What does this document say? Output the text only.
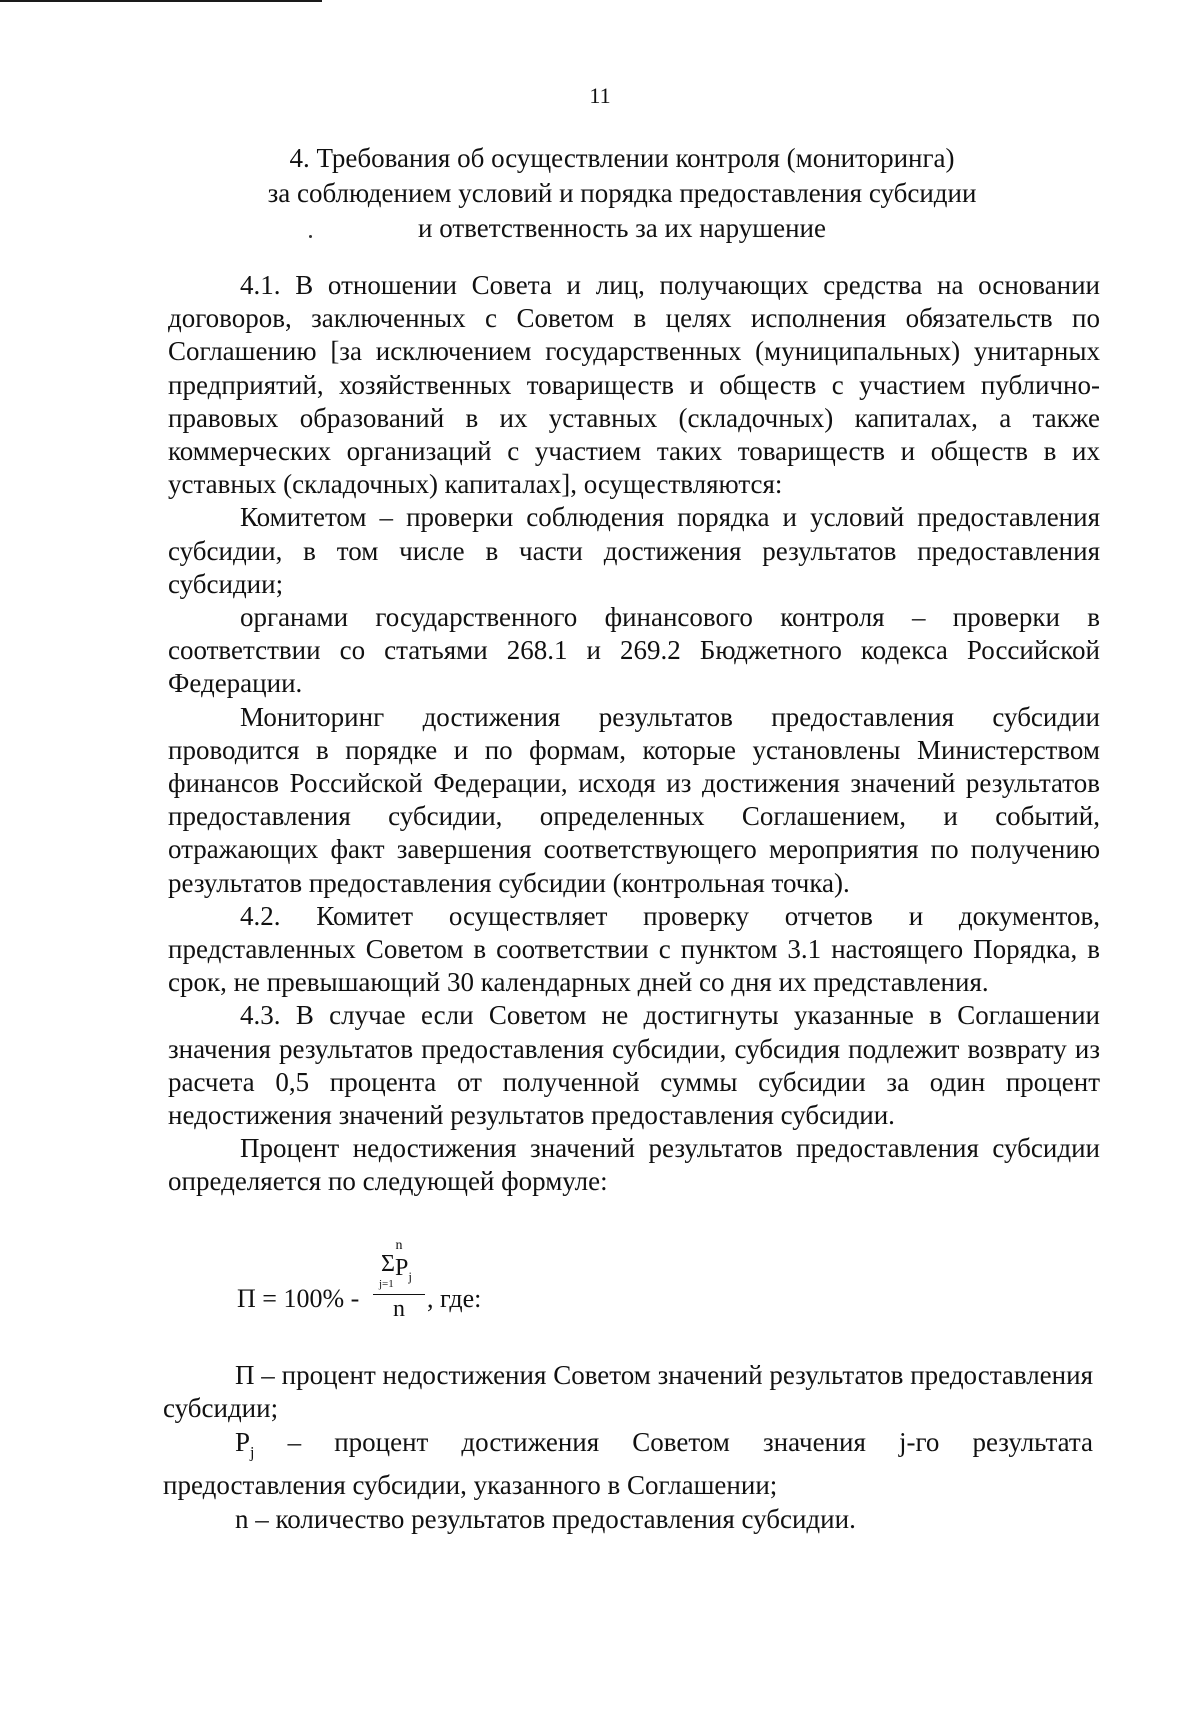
11
4. Требования об осуществлении контроля (мониторинга)
за соблюдением условий и порядка предоставления субсидии
и ответственность за их нарушение

4.1. В отношении Совета и лиц, получающих средства на основании договоров, заключенных с Советом в целях исполнения обязательств по Соглашению [за исключением государственных (муниципальных) унитарных предприятий, хозяйственных товариществ и обществ с участием публично-правовых образований в их уставных (складочных) капиталах, а также коммерческих организаций с участием таких товариществ и обществ в их уставных (складочных) капиталах], осуществляются:

Комитетом – проверки соблюдения порядка и условий предоставления субсидии, в том числе в части достижения результатов предоставления субсидии;

органами государственного финансового контроля – проверки в соответствии со статьями 268.1 и 269.2 Бюджетного кодекса Российской Федерации.

Мониторинг достижения результатов предоставления субсидии проводится в порядке и по формам, которые установлены Министерством финансов Российской Федерации, исходя из достижения значений результатов предоставления субсидии, определенных Соглашением, и событий, отражающих факт завершения соответствующего мероприятия по получению результатов предоставления субсидии (контрольная точка).

4.2. Комитет осуществляет проверку отчетов и документов, представленных Советом в соответствии с пунктом 3.1 настоящего Порядка, в срок, не превышающий 30 календарных дней со дня их представления.

4.3. В случае если Советом не достигнуты указанные в Соглашении значения результатов предоставления субсидии, субсидия подлежит возврату из расчета 0,5 процента от полученной суммы субсидии за один процент недостижения значений результатов предоставления субсидии.

Процент недостижения значений результатов предоставления субсидии определяется по следующей формуле:

П = 100% -
n
Σ $P_j$
j=1
n , где:

П – процент недостижения Советом значений результатов предоставления субсидии;

$P_j$ – процент достижения Советом значения j-го результата предоставления субсидии, указанного в Соглашении;

n – количество результатов предоставления субсидии.
